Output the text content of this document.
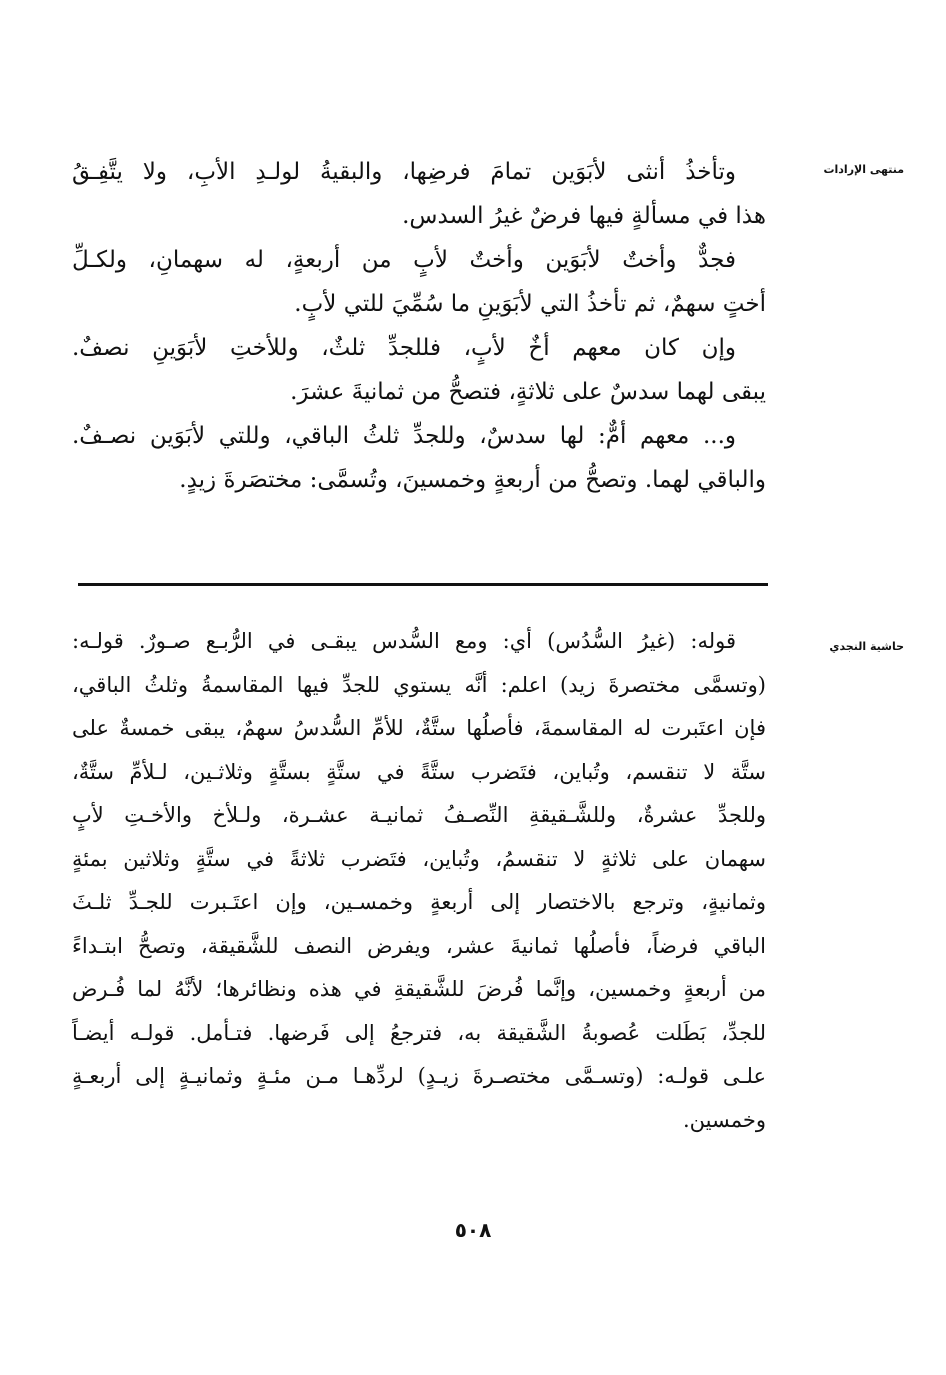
منتهى الإرادات
وتأخذُ أنثى لأبَوَين تمامَ فرضِها، والبقيةُ لولـدِ الأبِ، ولا يتَّفِـقُ
هذا في مسألةٍ فيها فرضٌ غيرُ السدس.
فجدٌّ وأختٌ لأبَوَين وأختٌ لأبٍ من أربعةٍ، له سهمانِ، ولكـلِّ
أختٍ سهمٌ، ثم تأخذُ التي لأبَوَينِ ما سُمِّيَ للتي لأبٍ.
وإن كان معهم أخٌ لأبٍ، فللجدِّ ثلثٌ، وللأختِ لأبَوَينِ نصفٌ.
يبقى لهما سدسٌ على ثلاثةٍ، فتصحُّ من ثمانيةَ عشرَ.
و... معهم أمٌّ: لها سدسٌ، وللجدِّ ثلثُ الباقي، وللتي لأبَوَين نصـفٌ.
والباقي لهما. وتصحُّ من أربعةٍ وخمسينَ، وتُسمَّى: مختصَرةَ زيدٍ.
حاشية النجدي
قوله: (غيرُ السُّدُس) أي: ومع السُّدس يبقـى في الرُّبـع صـورٌ. قولـه:
(وتسمَّى مختصرةَ زيد) اعلم: أنَّه يستوي للجدِّ فيها المقاسمةُ وثلثُ الباقي،
فإن اعتَبرت له المقاسمةَ، فأصلُها ستَّةٌ، للأمِّ السُّدسُ سهمٌ، يبقى خمسةٌ على
ستَّة لا تنقسم، وتُباين، فتَضرب ستَّةً في ستَّةٍ بستَّةٍ وثلاثـين، لـلأمِّ ستَّةٌ،
وللجدِّ عشرةٌ، وللشَّـقيقةِ النِّصـفُ ثمانيـة عشـرة، ولـلأخ والأخـتِ لأبٍ
سهمان على ثلاثةٍ لا تنقسمُ، وتُباين، فتَضرب ثلاثةً في ستَّةٍ وثلاثين بمئةٍ
وثمانيةٍ، وترجع بالاختصار إلى أربعةٍ وخمسـين، وإن اعتَـبرت للجـدِّ ثلـثَ
الباقي فرضاً، فأصلُها ثمانيةَ عشر، ويفرض النصف للشَّقيقة، وتصحُّ ابتـداءً
من أربعةٍ وخمسين، وإنَّما فُرضَ للشَّقيقةِ في هذه ونظائرها؛ لأنَّهُ لما فُـرض
للجدِّ، بَطَلت عُصوبةُ الشَّقيقة به، فترجعُ إلى فَرضها. فتـأمل. قولـه أيضـاً
علـى قولـه: (وتسـمَّى مختصـرةَ زيـدٍ) لردِّهـا مـن مئـةٍ وثمانيـةٍ إلى أربعـةٍ
وخمسين.
٥٠٨
